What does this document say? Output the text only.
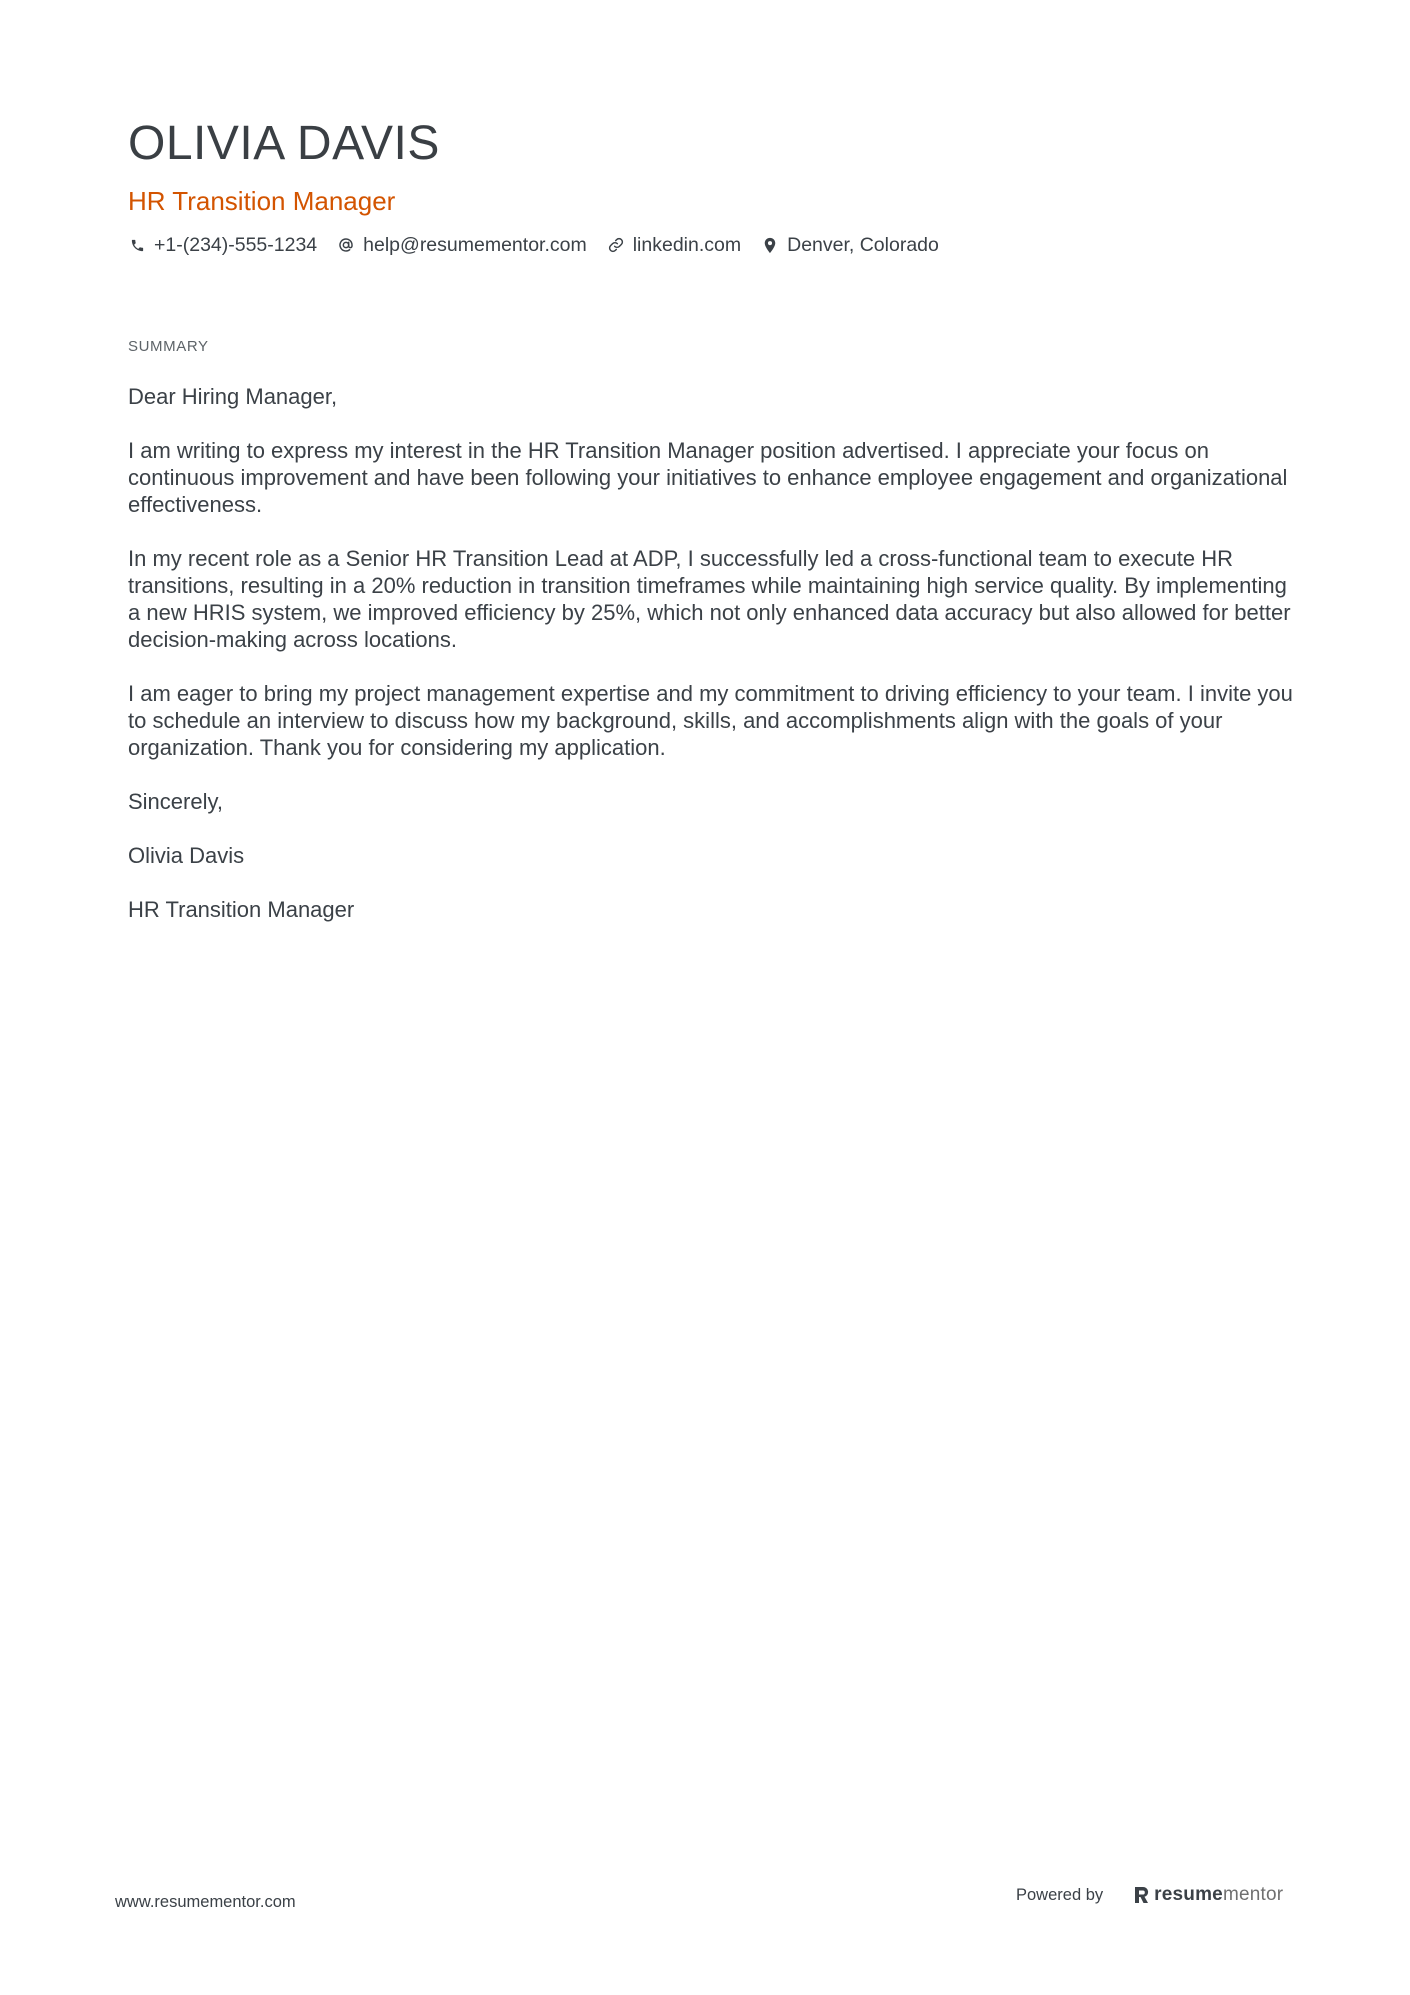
OLIVIA DAVIS
HR Transition Manager
+1-(234)-555-1234 help@resumementor.com linkedin.com Denver, Colorado
SUMMARY

Dear Hiring Manager,

I am writing to express my interest in the HR Transition Manager position advertised. I appreciate your focus on continuous improvement and have been following your initiatives to enhance employee engagement and organizational effectiveness.

In my recent role as a Senior HR Transition Lead at ADP, I successfully led a cross-functional team to execute HR transitions, resulting in a 20% reduction in transition timeframes while maintaining high service quality. By implementing a new HRIS system, we improved efficiency by 25%, which not only enhanced data accuracy but also allowed for better decision-making across locations.

I am eager to bring my project management expertise and my commitment to driving efficiency to your team. I invite you to schedule an interview to discuss how my background, skills, and accomplishments align with the goals of your organization. Thank you for considering my application.

Sincerely,

Olivia Davis

HR Transition Manager

www.resumementor.com	Powered by	resumementor
